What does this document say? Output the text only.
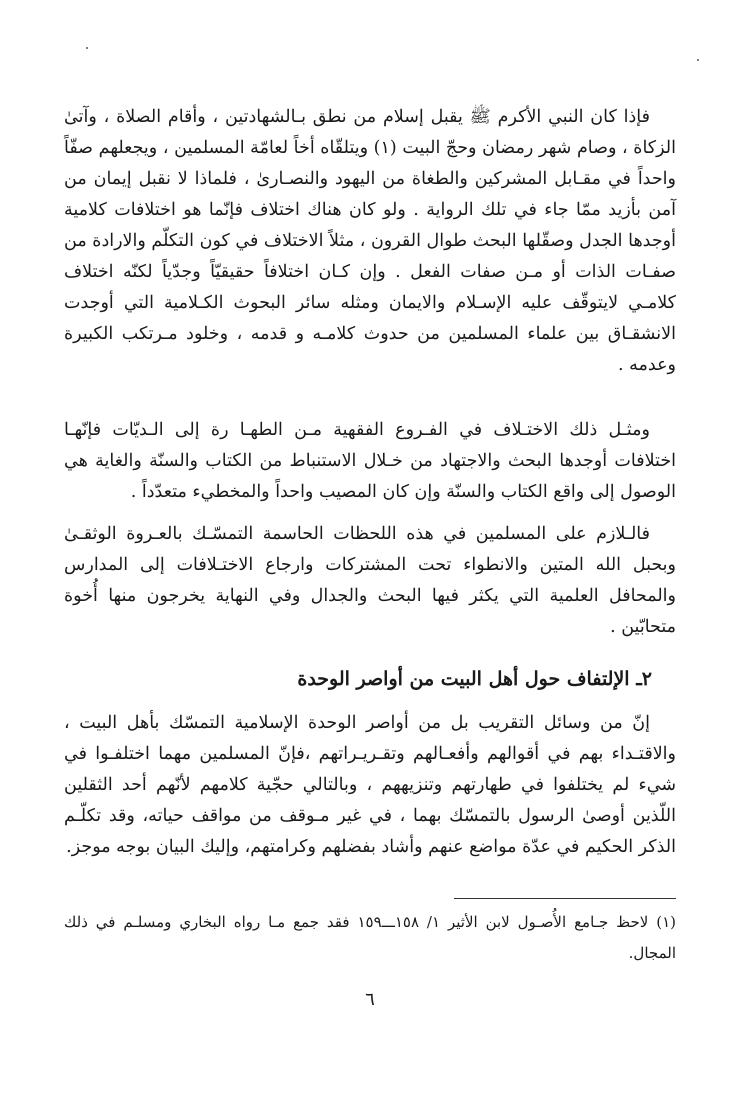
فإذا كان النبي الأكرم ﷺ يقبل إسلام من نطق بـالشهادتين ، وأقام الصلاة ، وآتىٰ الزكاة ، وصام شهر رمضان وحجّ البيت (١) ويتلقّاه أخاً لعامّة المسلمين ، ويجعلهم صفّاً واحداً في مقـابل المشركين والطغاة من اليهود والنصـارىٰ ، فلماذا لا نقبل إيمان من آمن بأزيد ممّا جاء في تلك الرواية . ولو كان هناك اختلاف فإنّما هو اختلافات كلامية أوجدها الجدل وصقّلها البحث طوال القرون ، مثلاً الاختلاف في كون التكلّم والارادة من صفـات الذات أو مـن صفات الفعل . وإن كـان اختلافاً حقيقيّاً وجدّياً لكنّه اختلاف كلامـي لايتوقّف عليه الإسـلام والايمان ومثله سائر البحوث الكـلامية التي أوجدت الانشقـاق بين علماء المسلمين من حدوث كلامـه و قدمه ، وخلود مـرتكب الكبيرة وعدمه .

ومثـل ذلك الاختـلاف في الفـروع الفقهية مـن الطهـا رة إلى الـديّات فإنّهـا اختلافات أوجدها البحث والاجتهاد من خـلال الاستنباط من الكتاب والسنّة والغاية هي الوصول إلى واقع الكتاب والسنّة وإن كان المصيب واحداً والمخطيء متعدّداً .

فالـلازم على المسلمين في هذه اللحظات الحاسمة التمسّـك بالعـروة الوثقـىٰ وبحبل الله المتين والانطواء تحت المشتركات وارجاع الاختـلافات إلى المدارس والمحافل العلمية التي يكثر فيها البحث والجدال وفي النهاية يخرجون منها أُخوة متحابّين .

٢ـ الإلتفاف حول أهل البيت من أواصر الوحدة

إنّ من وسائل التقريب بل من أواصر الوحدة الإسلامية التمسّك بأهل البيت ، والاقتـداء بهم في أقوالهم وأفعـالهم وتقـريـراتهم ،فإنّ المسلمين مهما اختلفـوا في شيء لم يختلفوا في طهارتهم وتنزيههم ، وبالتالي حجّية كلامهم لأنّهم أحد الثقلين اللّذين أوصىٰ الرسول بالتمسّك بهما ، في غير مـوقف من مواقف حياته، وقد تكلّـم الذكر الحكيم في عدّة مواضع عنهم وأشاد بفضلهم وكرامتهم، وإليك البيان بوجه موجز.

(١) لاحظ جـامع الأُصـول لابن الأثير ١/ ١٥٨ـــ١٥٩ فقد جمع مـا رواه البخاري ومسلـم في ذلك المجال.
٦
